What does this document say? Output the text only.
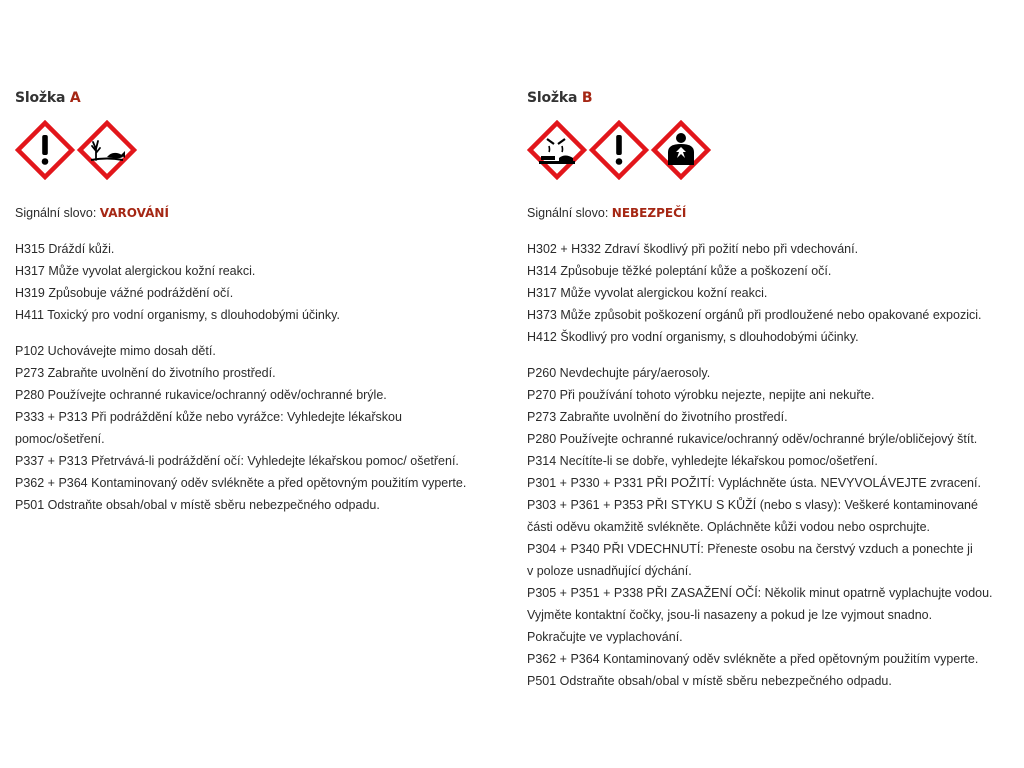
Složka A
Signální slovo: VAROVÁNÍ
H315 Dráždí kůži.
H317 Může vyvolat alergickou kožní reakci.
H319 Způsobuje vážné podráždění očí.
H411 Toxický pro vodní organismy, s dlouhodobými účinky.
P102 Uchovávejte mimo dosah dětí.
P273 Zabraňte uvolnění do životního prostředí.
P280 Používejte ochranné rukavice/ochranný oděv/ochranné brýle.
P333 + P313 Při podráždění kůže nebo vyrážce: Vyhledejte lékařskou
pomoc/ošetření.
P337 + P313 Přetrvává-li podráždění očí: Vyhledejte lékařskou pomoc/ ošetření.
P362 + P364 Kontaminovaný oděv svlékněte a před opětovným použitím vyperte.
P501 Odstraňte obsah/obal v místě sběru nebezpečného odpadu.
Složka B
Signální slovo: NEBEZPEČÍ
H302 + H332 Zdraví škodlivý při požití nebo při vdechování.
H314 Způsobuje těžké poleptání kůže a poškození očí.
H317 Může vyvolat alergickou kožní reakci.
H373 Může způsobit poškození orgánů při prodloužené nebo opakované expozici.
H412 Škodlivý pro vodní organismy, s dlouhodobými účinky.
P260 Nevdechujte páry/aerosoly.
P270 Při používání tohoto výrobku nejezte, nepijte ani nekuřte.
P273 Zabraňte uvolnění do životního prostředí.
P280 Používejte ochranné rukavice/ochranný oděv/ochranné brýle/obličejový štít.
P314 Necítíte-li se dobře, vyhledejte lékařskou pomoc/ošetření.
P301 + P330 + P331 PŘI POŽITÍ: Vypláchněte ústa. NEVYVOLÁVEJTE zvracení.
P303 + P361 + P353 PŘI STYKU S KŮŽÍ (nebo s vlasy): Veškeré kontaminované
části oděvu okamžitě svlékněte. Opláchněte kůži vodou nebo osprchujte.
P304 + P340 PŘI VDECHNUTÍ: Přeneste osobu na čerstvý vzduch a ponechte ji
v poloze usnadňující dýchání.
P305 + P351 + P338 PŘI ZASAŽENÍ OČÍ: Několik minut opatrně vyplachujte vodou.
Vyjměte kontaktní čočky, jsou-li nasazeny a pokud je lze vyjmout snadno.
Pokračujte ve vyplachování.
P362 + P364 Kontaminovaný oděv svlékněte a před opětovným použitím vyperte.
P501 Odstraňte obsah/obal v místě sběru nebezpečného odpadu.
